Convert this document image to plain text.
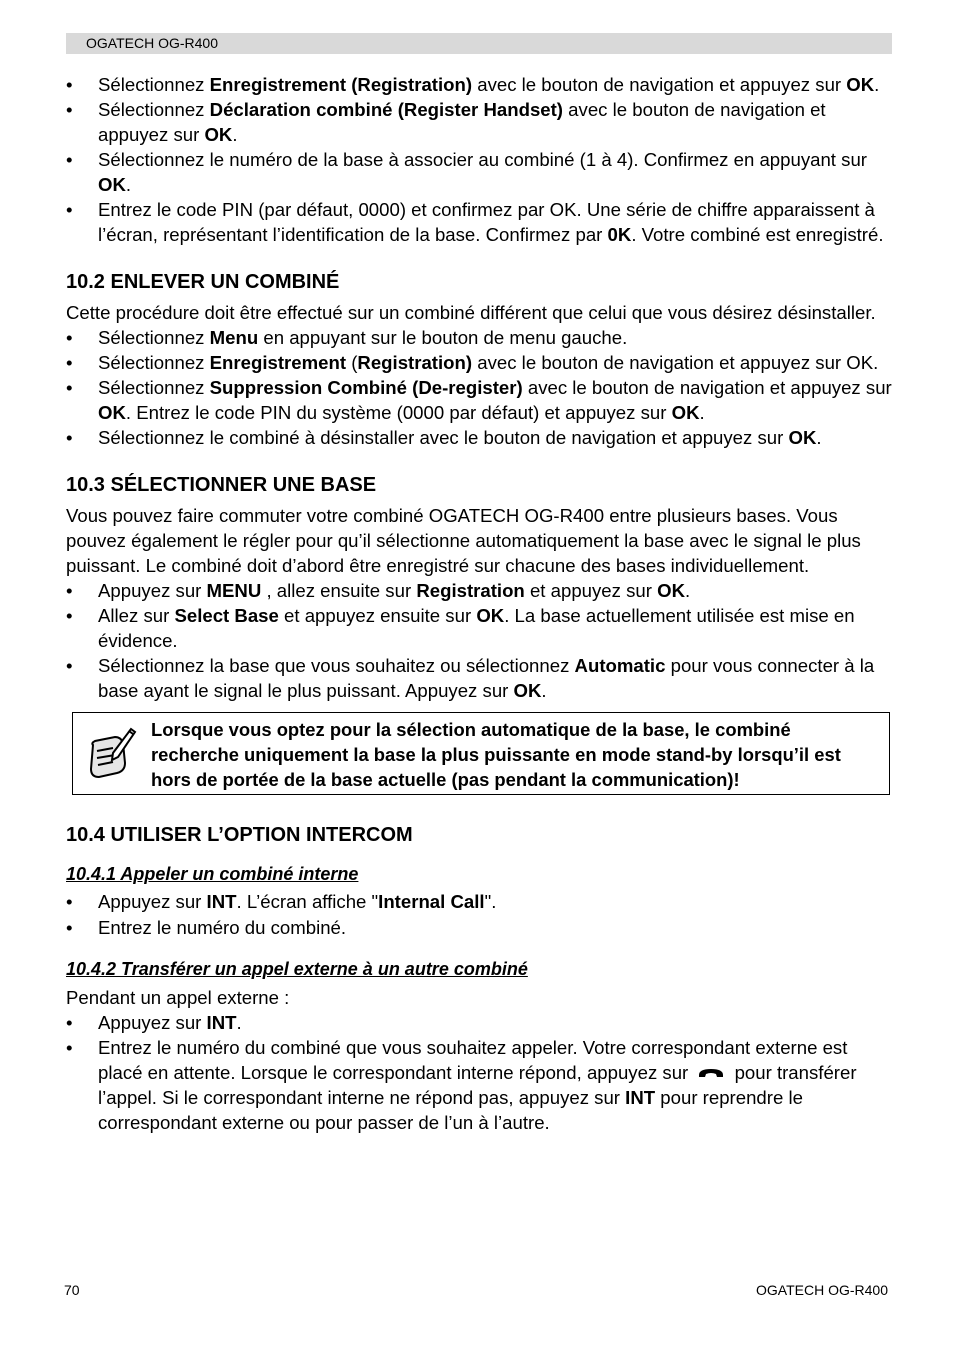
OGATECH OG-R400
• Sélectionnez Enregistrement (Registration) avec le bouton de navigation et appuyez sur OK.
• Sélectionnez Déclaration combiné (Register Handset) avec le bouton de navigation et appuyez sur OK.
• Sélectionnez le numéro de la base à associer au combiné (1 à 4). Confirmez en appuyant sur OK.
• Entrez le code PIN (par défaut, 0000) et confirmez par OK. Une série de chiffre apparaissent à l’écran, représentant l’identification de la base. Confirmez par 0K. Votre combiné est enregistré.
10.2 ENLEVER UN COMBINÉ

Cette procédure doit être effectué sur un combiné différent que celui que vous désirez désinstaller.

• Sélectionnez Menu en appuyant sur le bouton de menu gauche.
• Sélectionnez Enregistrement (Registration) avec le bouton de navigation et appuyez sur OK.
• Sélectionnez Suppression Combiné (De-register) avec le bouton de navigation et appuyez sur OK. Entrez le code PIN du système (0000 par défaut) et appuyez sur OK.
• Sélectionnez le combiné à désinstaller avec le bouton de navigation et appuyez sur OK.
10.3 SÉLECTIONNER UNE BASE

Vous pouvez faire commuter votre combiné OGATECH OG-R400 entre plusieurs bases. Vous pouvez également le régler pour qu’il sélectionne automatiquement la base avec le signal le plus puissant. Le combiné doit d’abord être enregistré sur chacune des bases individuellement.

• Appuyez sur MENU , allez ensuite sur Registration et appuyez sur OK.
• Allez sur Select Base et appuyez ensuite sur OK. La base actuellement utilisée est mise en évidence.
• Sélectionnez la base que vous souhaitez ou sélectionnez Automatic pour vous connecter à la base ayant le signal le plus puissant. Appuyez sur OK.
Lorsque vous optez pour la sélection automatique de la base, le combiné recherche uniquement la base la plus puissante en mode stand-by lorsqu’il est hors de portée de la base actuelle (pas pendant la communication)!
10.4 UTILISER L’OPTION INTERCOM
10.4.1 Appeler un combiné interne
• Appuyez sur INT. L’écran affiche "Internal Call".
• Entrez le numéro du combiné.
10.4.2 Transférer un appel externe à un autre combiné

Pendant un appel externe :

• Appuyez sur INT.
• Entrez le numéro du combiné que vous souhaitez appeler. Votre correspondant externe est placé en attente. Lorsque le correspondant interne répond, appuyez sur  pour transférer l’appel. Si le correspondant interne ne répond pas, appuyez sur INT pour reprendre le correspondant externe ou pour passer de l’un à l’autre.
70	OGATECH OG-R400
